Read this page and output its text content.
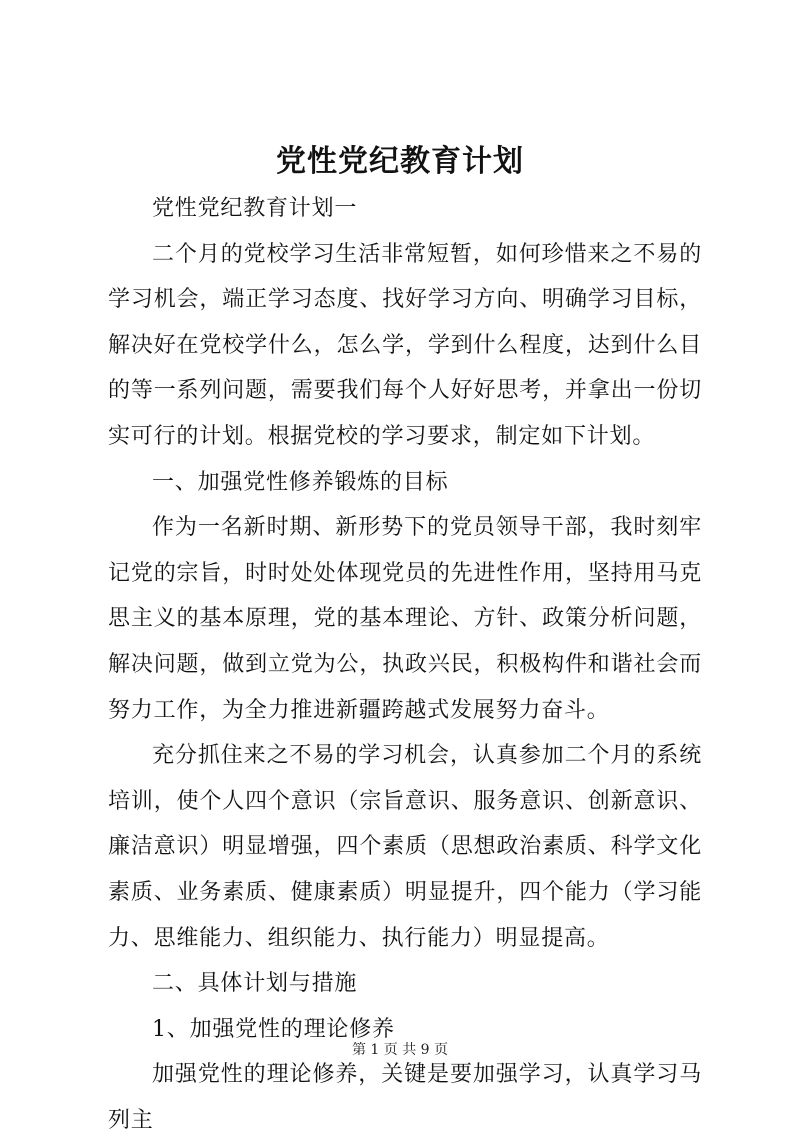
党性党纪教育计划

党性党纪教育计划一

二个月的党校学习生活非常短暂，如何珍惜来之不易的学习机会，端正学习态度、找好学习方向、明确学习目标，解决好在党校学什么，怎么学，学到什么程度，达到什么目的等一系列问题，需要我们每个人好好思考，并拿出一份切实可行的计划。根据党校的学习要求，制定如下计划。

一、加强党性修养锻炼的目标

作为一名新时期、新形势下的党员领导干部，我时刻牢记党的宗旨，时时处处体现党员的先进性作用，坚持用马克思主义的基本原理，党的基本理论、方针、政策分析问题，解决问题，做到立党为公，执政兴民，积极构件和谐社会而努力工作，为全力推进新疆跨越式发展努力奋斗。

充分抓住来之不易的学习机会，认真参加二个月的系统培训，使个人四个意识（宗旨意识、服务意识、创新意识、廉洁意识）明显增强，四个素质（思想政治素质、科学文化素质、业务素质、健康素质）明显提升，四个能力（学习能力、思维能力、组织能力、执行能力）明显提高。

二、具体计划与措施

1、加强党性的理论修养

加强党性的理论修养，关键是要加强学习，认真学习马列主

第 1 页 共 9 页
